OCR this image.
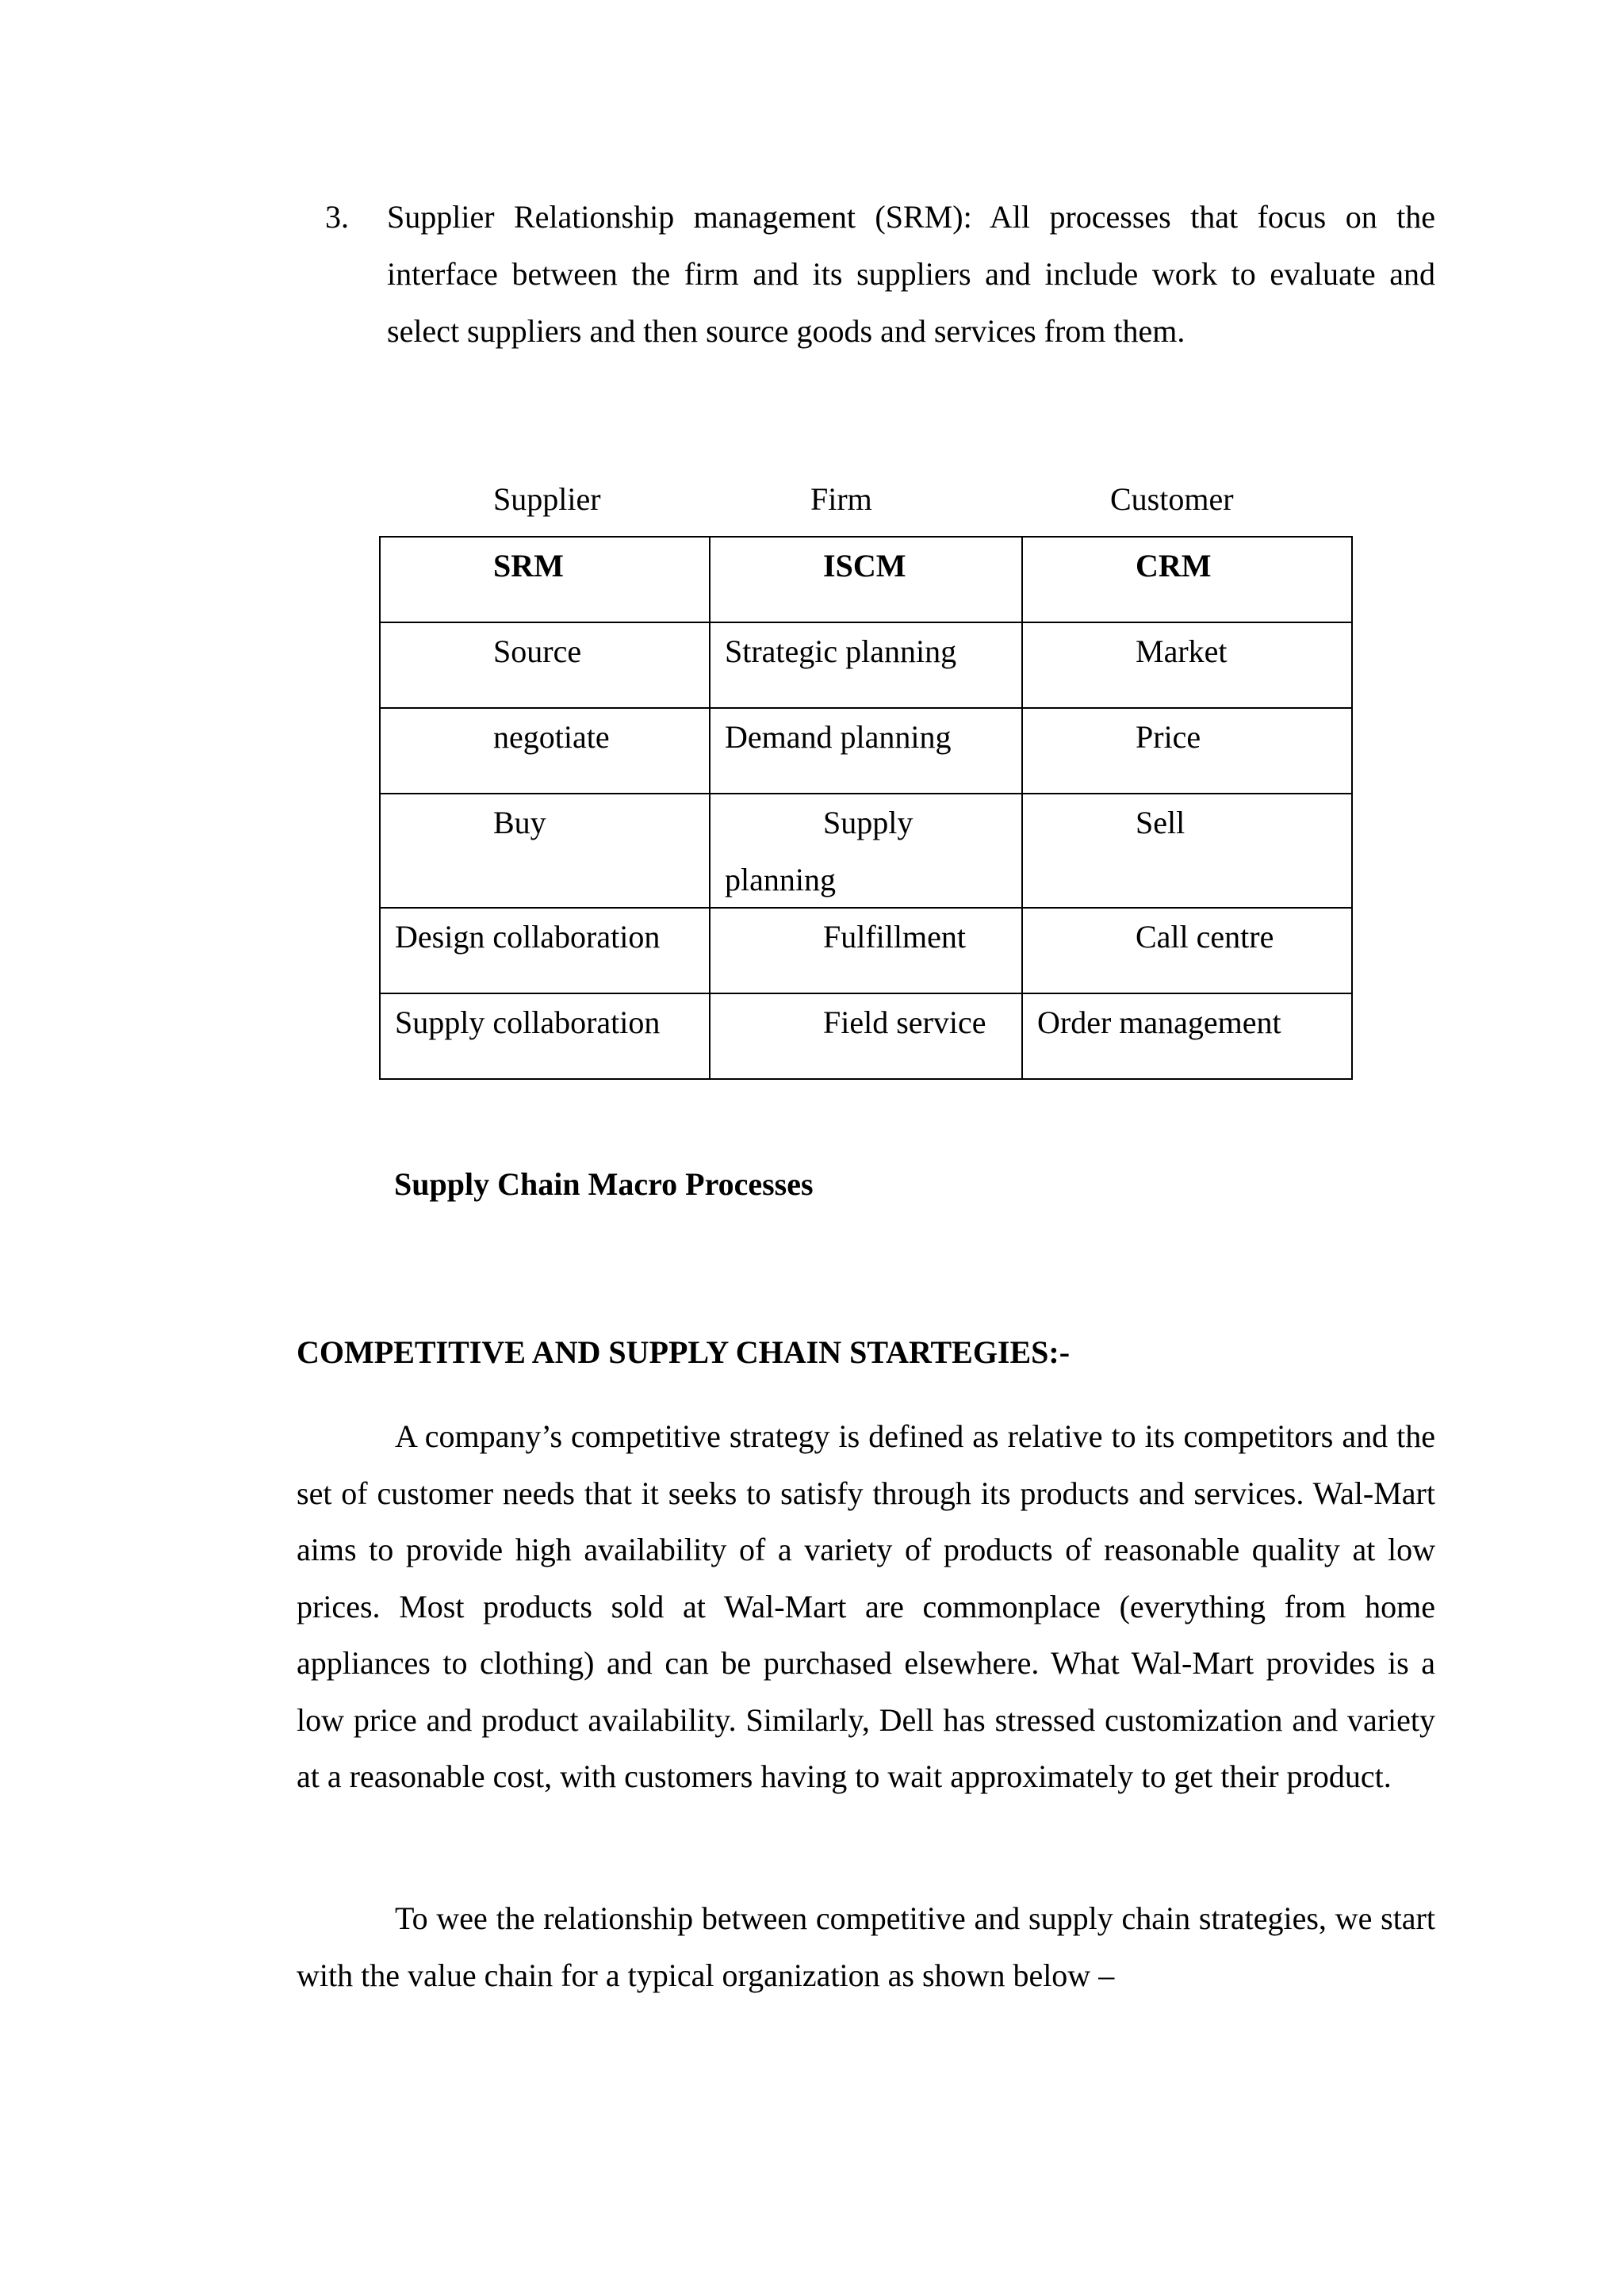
3. Supplier Relationship management (SRM): All processes that focus on the interface between the firm and its suppliers and include work to evaluate and select suppliers and then source goods and services from them.
Supplier	Firm	Customer
SRM	ISCM	CRM

Source	Strategic planning	Market

negotiate	Demand planning	Price

Buy	Supply planning	Sell

Design collaboration	Fulfillment	Call centre

Supply collaboration	Field service	Order management
Supply Chain Macro Processes
COMPETITIVE AND SUPPLY CHAIN STARTEGIES:-

A company’s competitive strategy is defined as relative to its competitors and the set of customer needs that it seeks to satisfy through its products and services. Wal-Mart aims to provide high availability of a variety of products of reasonable quality at low prices. Most products sold at Wal-Mart are commonplace (everything from home appliances to clothing) and can be purchased elsewhere. What Wal-Mart provides is a low price and product availability. Similarly, Dell has stressed customization and variety at a reasonable cost, with customers having to wait approximately to get their product.

To wee the relationship between competitive and supply chain strategies, we start with the value chain for a typical organization as shown below –
